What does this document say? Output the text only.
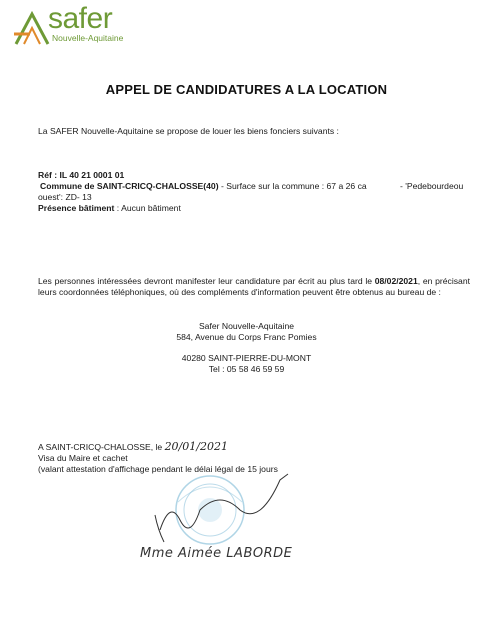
safer
Nouvelle-Aquitaine
APPEL DE CANDIDATURES A LA LOCATION
La SAFER Nouvelle-Aquitaine se propose de louer les biens fonciers suivants :
Réf : IL 40 21 0001 01
Commune de SAINT-CRICQ-CHALOSSE(40) - Surface sur la commune : 67 a 26 ca	- 'Pedebourdeou
ouest': ZD- 13
Présence bâtiment : Aucun bâtiment
Les personnes intéressées devront manifester leur candidature par écrit au plus tard le 08/02/2021, en précisant leurs coordonnées téléphoniques, où des compléments d'information peuvent être obtenus au bureau de :
Safer Nouvelle-Aquitaine
584, Avenue du Corps Franc Pomies
40280 SAINT-PIERRE-DU-MONT
Tel : 05 58 46 59 59
A SAINT-CRICQ-CHALOSSE, le 20/01/2021
Visa du Maire et cachet
(valant attestation d'affichage pendant le délai légal de 15 jours
Mme Aimée LABORDE
